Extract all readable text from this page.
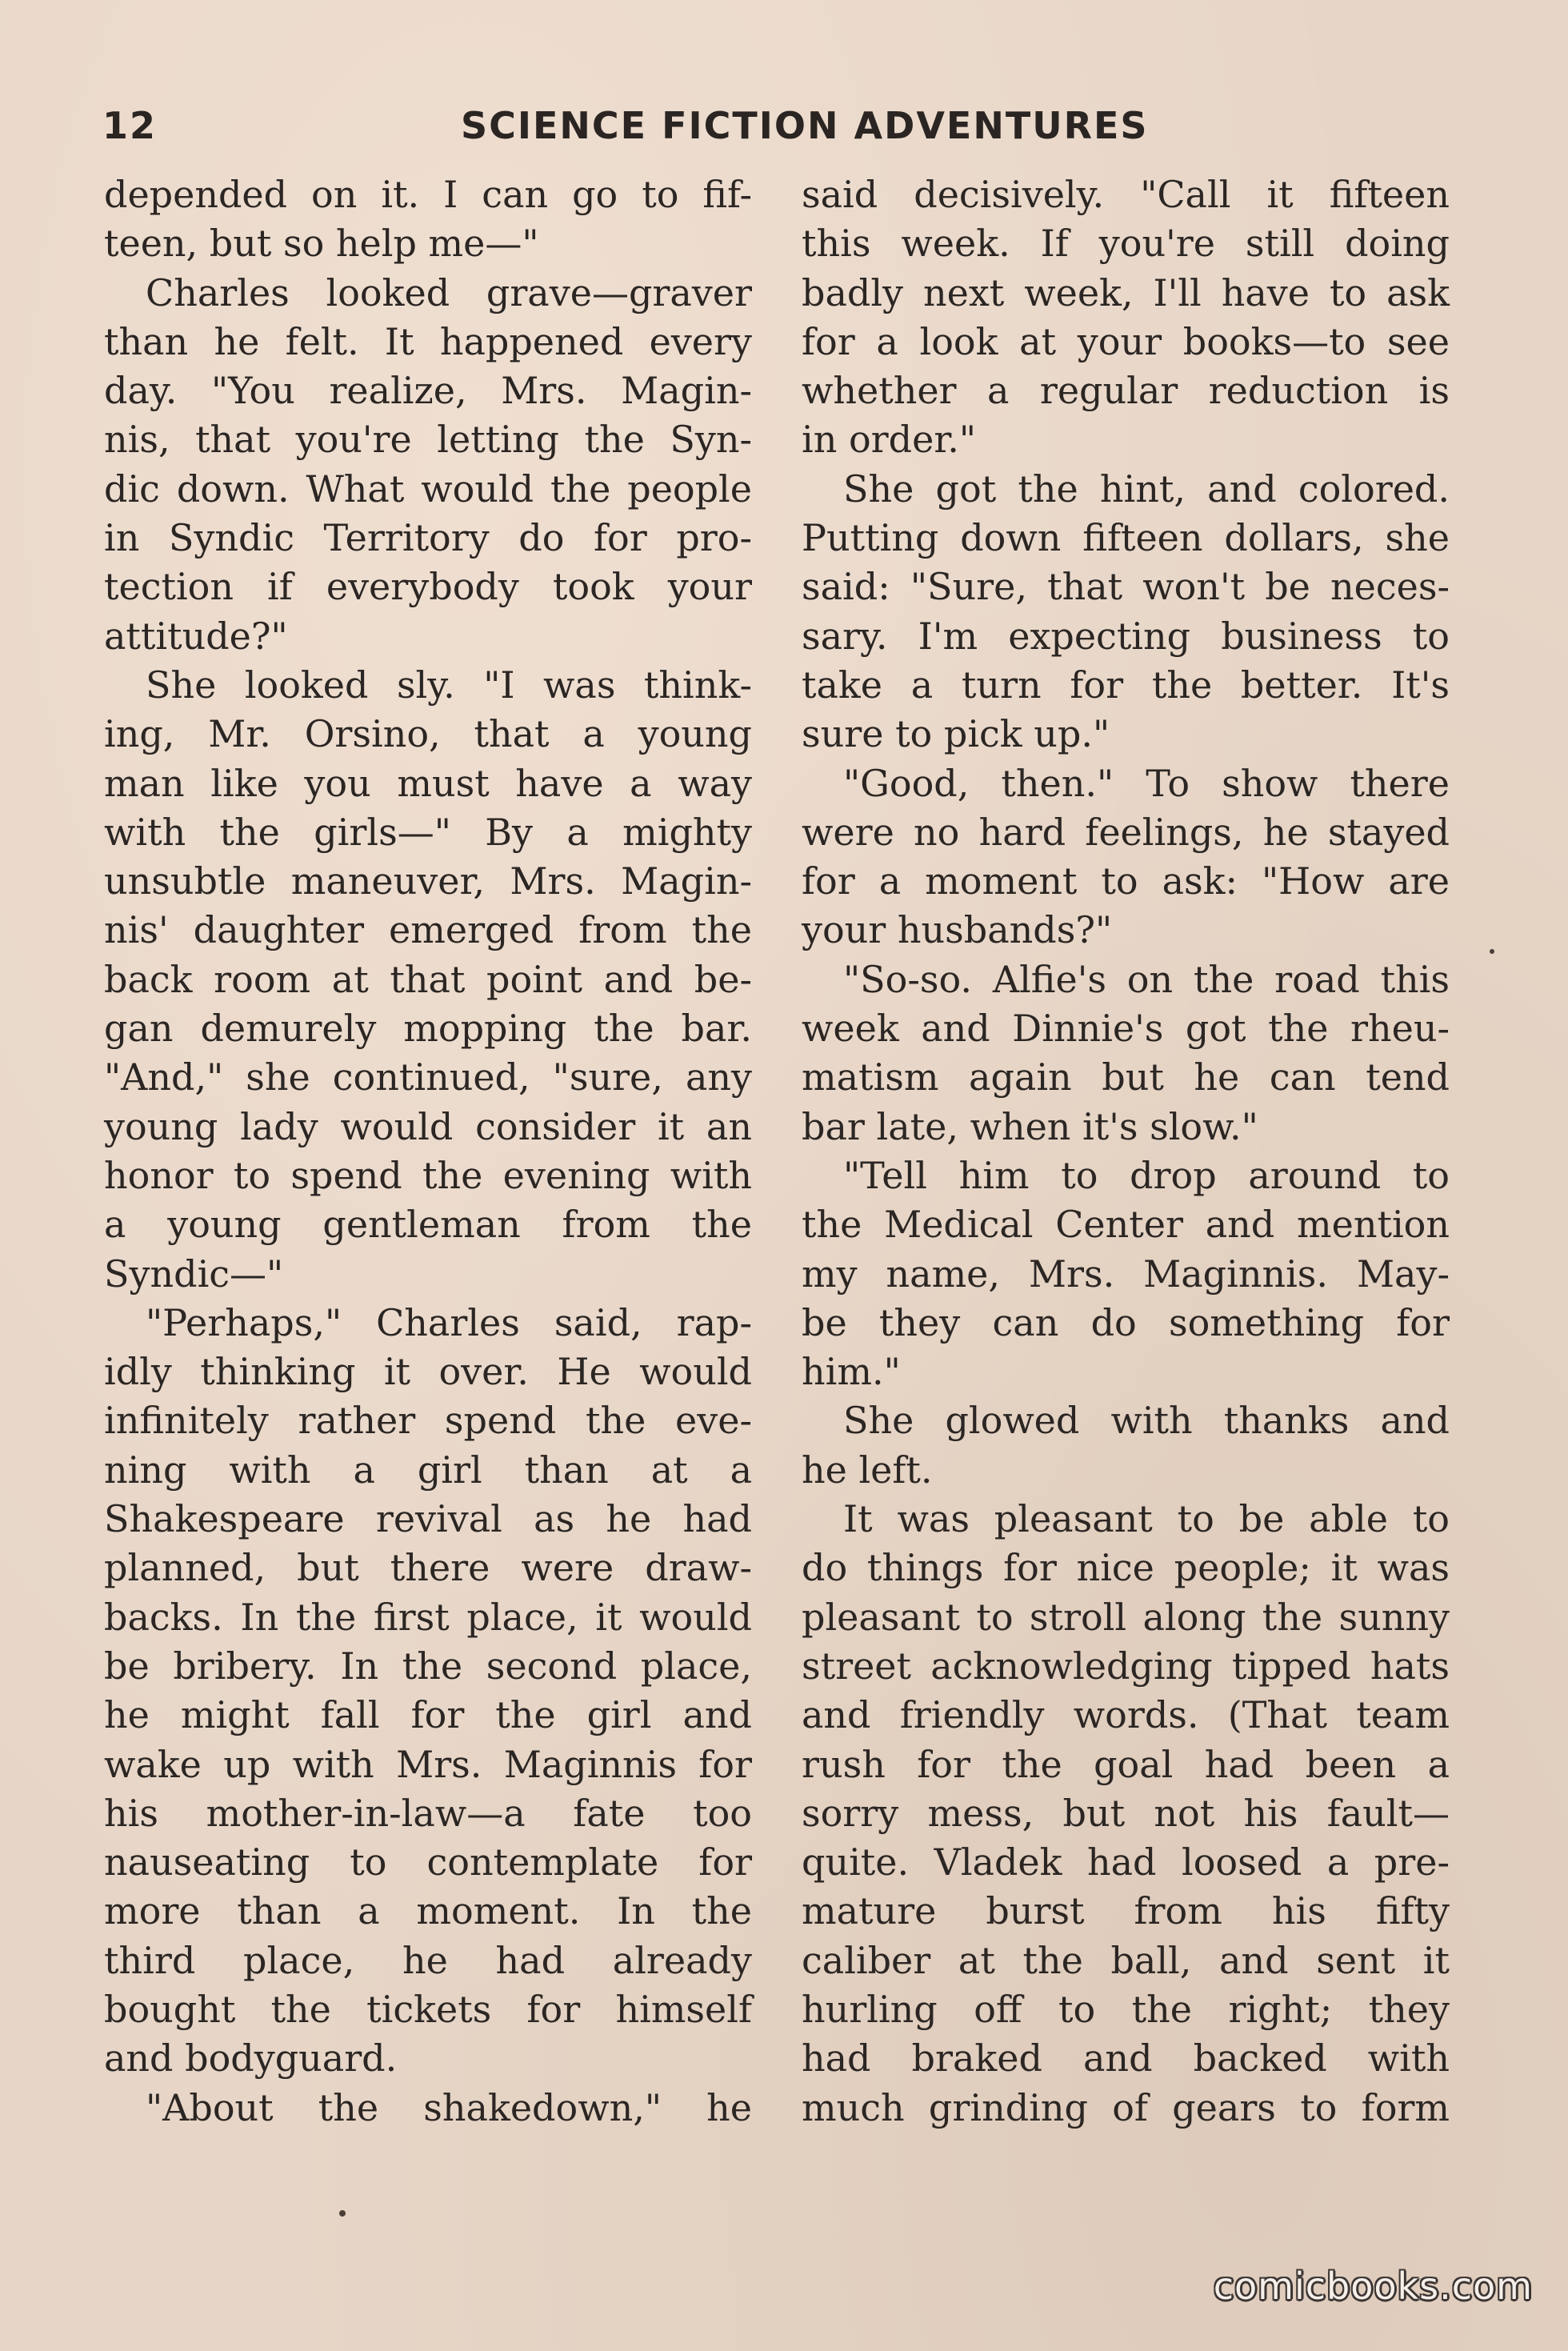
12	SCIENCE FICTION ADVENTURES
depended on it. I can go to fif-
teen, but so help me—"
Charles looked grave—graver
than he felt. It happened every
day. "You realize, Mrs. Magin-
nis, that you're letting the Syn-
dic down. What would the people
in Syndic Territory do for pro-
tection if everybody took your
attitude?"
She looked sly. "I was think-
ing, Mr. Orsino, that a young
man like you must have a way
with the girls—" By a mighty
unsubtle maneuver, Mrs. Magin-
nis' daughter emerged from the
back room at that point and be-
gan demurely mopping the bar.
"And," she continued, "sure, any
young lady would consider it an
honor to spend the evening with
a young gentleman from the
Syndic—"
"Perhaps," Charles said, rap-
idly thinking it over. He would
infinitely rather spend the eve-
ning with a girl than at a
Shakespeare revival as he had
planned, but there were draw-
backs. In the first place, it would
be bribery. In the second place,
he might fall for the girl and
wake up with Mrs. Maginnis for
his mother-in-law—a fate too
nauseating to contemplate for
more than a moment. In the
third place, he had already
bought the tickets for himself
and bodyguard.
"About the shakedown," he
said decisively. "Call it fifteen
this week. If you're still doing
badly next week, I'll have to ask
for a look at your books—to see
whether a regular reduction is
in order."
She got the hint, and colored.
Putting down fifteen dollars, she
said: "Sure, that won't be neces-
sary. I'm expecting business to
take a turn for the better. It's
sure to pick up."
"Good, then." To show there
were no hard feelings, he stayed
for a moment to ask: "How are
your husbands?"
"So-so. Alfie's on the road this
week and Dinnie's got the rheu-
matism again but he can tend
bar late, when it's slow."
"Tell him to drop around to
the Medical Center and mention
my name, Mrs. Maginnis. May-
be they can do something for
him."
She glowed with thanks and
he left.
It was pleasant to be able to
do things for nice people; it was
pleasant to stroll along the sunny
street acknowledging tipped hats
and friendly words. (That team
rush for the goal had been a
sorry mess, but not his fault—
quite. Vladek had loosed a pre-
mature burst from his fifty
caliber at the ball, and sent it
hurling off to the right; they
had braked and backed with
much grinding of gears to form
comicbooks.com
